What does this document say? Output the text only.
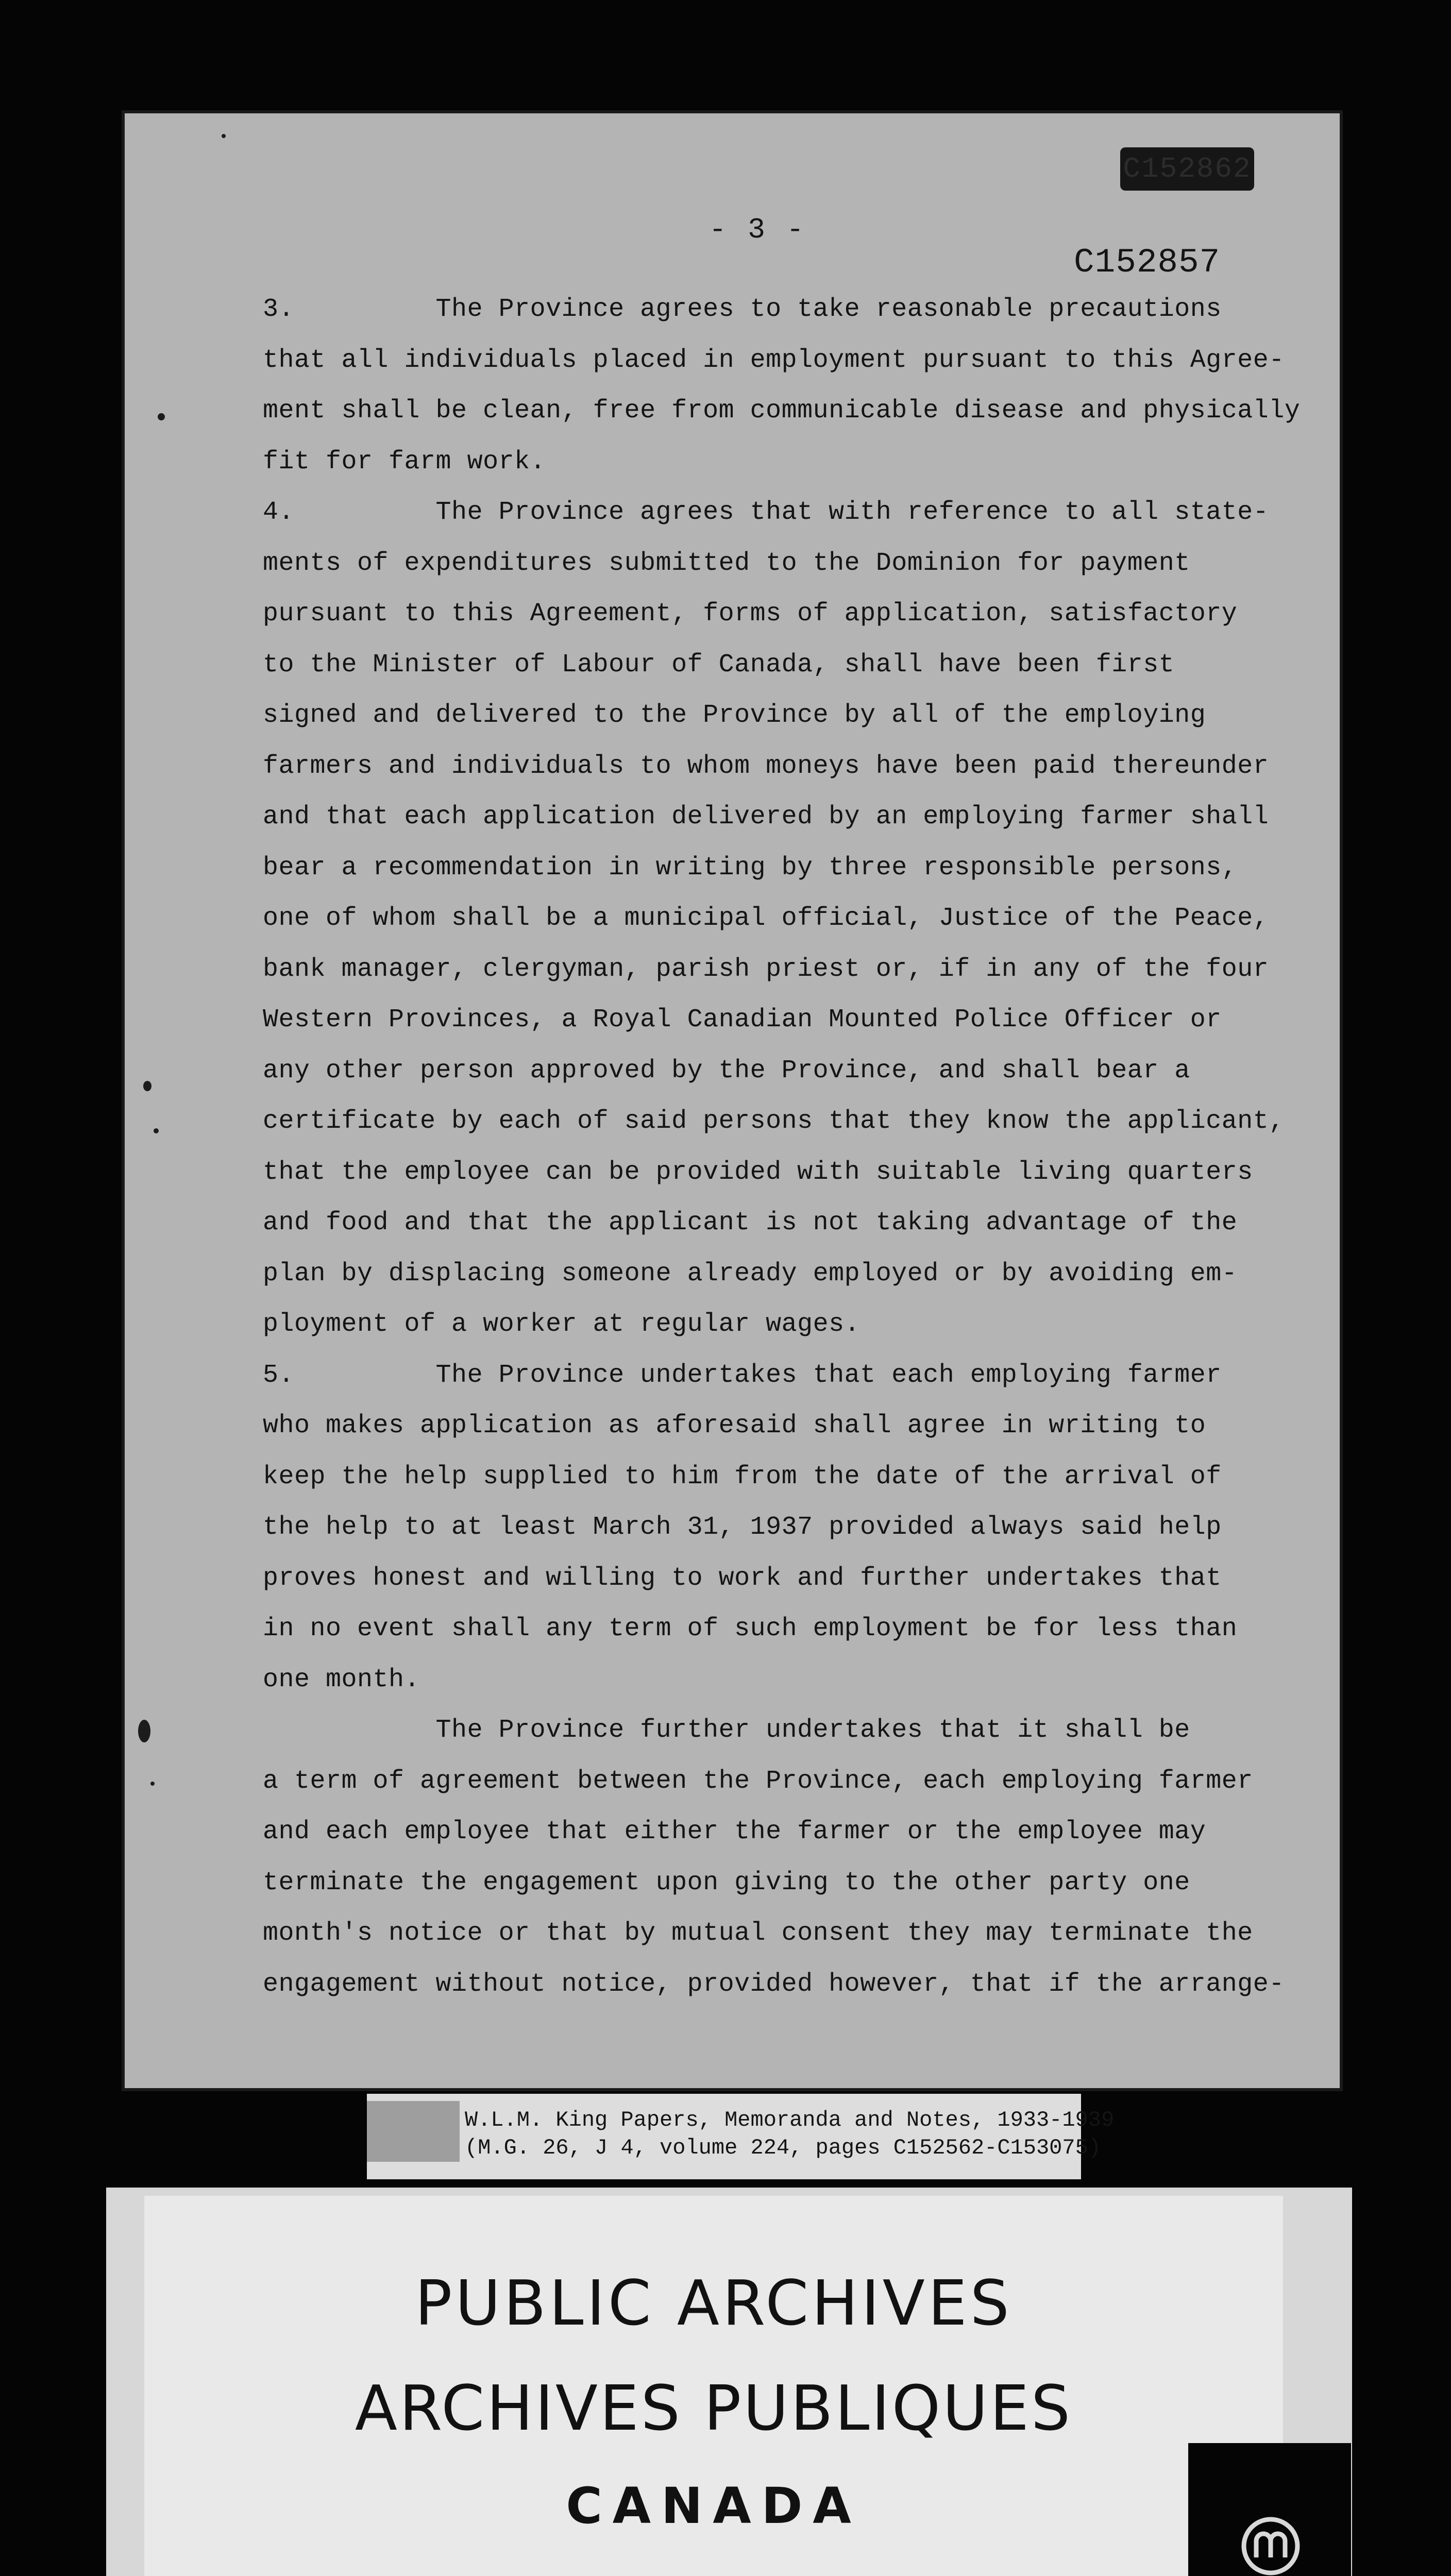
C152862
- 3 -
C152857
3.         The Province agrees to take reasonable precautions
that all individuals placed in employment pursuant to this Agree-
ment shall be clean, free from communicable disease and physically
fit for farm work.
4.         The Province agrees that with reference to all state-
ments of expenditures submitted to the Dominion for payment
pursuant to this Agreement, forms of application, satisfactory
to the Minister of Labour of Canada, shall have been first
signed and delivered to the Province by all of the employing
farmers and individuals to whom moneys have been paid thereunder
and that each application delivered by an employing farmer shall
bear a recommendation in writing by three responsible persons,
one of whom shall be a municipal official, Justice of the Peace,
bank manager, clergyman, parish priest or, if in any of the four
Western Provinces, a Royal Canadian Mounted Police Officer or
any other person approved by the Province, and shall bear a
certificate by each of said persons that they know the applicant,
that the employee can be provided with suitable living quarters
and food and that the applicant is not taking advantage of the
plan by displacing someone already employed or by avoiding em-
ployment of a worker at regular wages.
5.         The Province undertakes that each employing farmer
who makes application as aforesaid shall agree in writing to
keep the help supplied to him from the date of the arrival of
the help to at least March 31, 1937 provided always said help
proves honest and willing to work and further undertakes that
in no event shall any term of such employment be for less than
one month.
The Province further undertakes that it shall be
a term of agreement between the Province, each employing farmer
and each employee that either the farmer or the employee may
terminate the engagement upon giving to the other party one
month's notice or that by mutual consent they may terminate the
engagement without notice, provided however, that if the arrange-
W.L.M. King Papers, Memoranda and Notes, 1933-1939
(M.G. 26, J 4, volume 224, pages C152562-C153075)
PUBLIC ARCHIVES
ARCHIVES PUBLIQUES
CANADA
